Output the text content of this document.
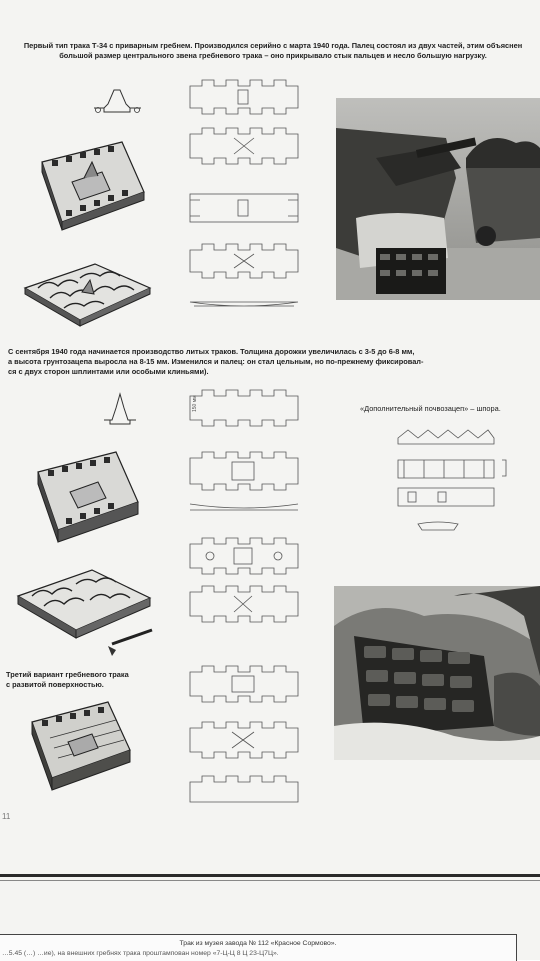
Первый тип трака Т-34 с приварным гребнем. Производился серийно с марта 1940 года. Палец состоял из двух частей, этим объяснен
большой размер центрального звена гребневого трака – оно прикрывало стык пальцев и несло большую нагрузку.
С сентября 1940 года начинается производство литых траков. Толщина дорожки увеличилась с 3-5 до 6-8 мм,
а высота грунтозацепа выросла на 8-15 мм. Изменился и палец: он стал цельным, но по-прежнему фиксировал-
ся с двух сторон шплинтами или особыми клиньями).
150 мм	«Дополнительный почвозацеп» – шпора.
Третий вариант гребневого трака
с развитой поверхностью.
11
Трак из музея завода № 112 «Красное Сормово».
…5.45 (…) …ие), на внешних гребнях трака проштампован номер «7-Ц-Ц 8 Ц 23-Ц7Ц».
